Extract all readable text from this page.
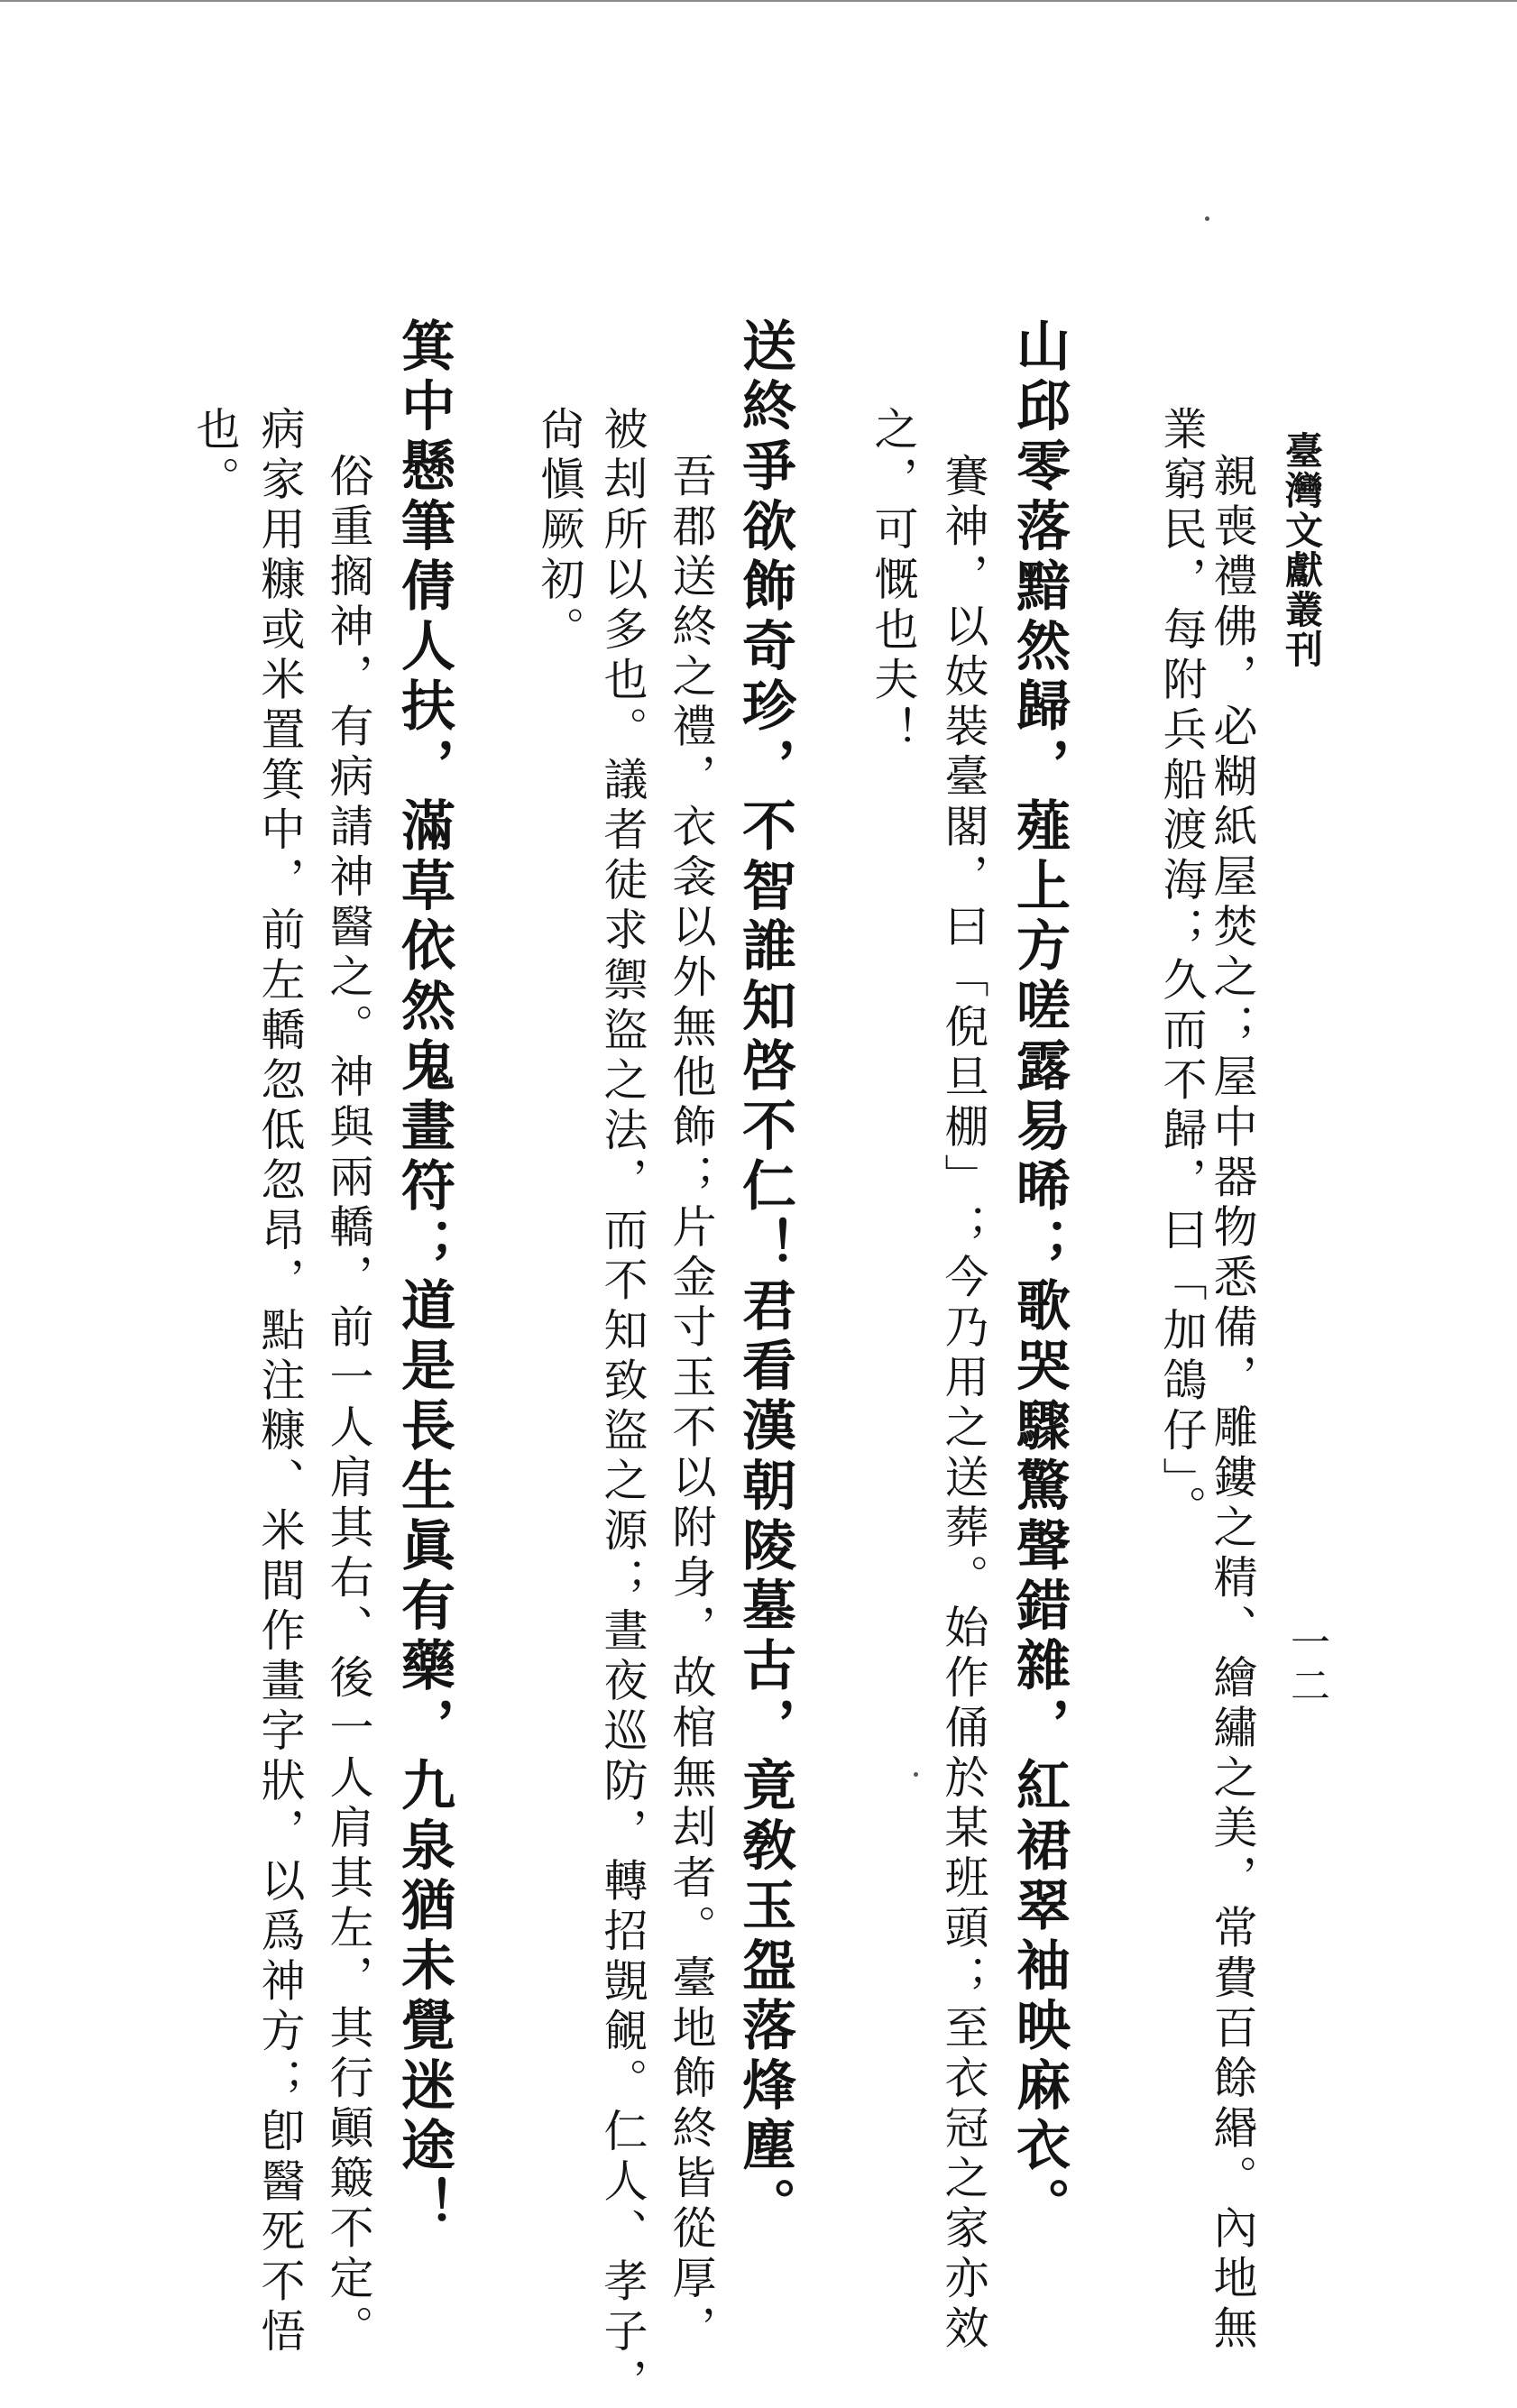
臺灣文獻叢刊
一二
親喪禮佛，必糊紙屋焚之；屋中器物悉備，雕鏤之精、繪繡之美，常費百餘緡。內地無
業窮民，每附兵船渡海；久而不歸，曰「加鴿仔」。
山邱零落黯然歸，薤上方嗟露易晞；歌哭驟驚聲錯雜，紅裙翠袖映麻衣。
賽神，以妓裝臺閣，曰「倪旦棚」；今乃用之送葬。始作俑於某班頭；至衣冠之家亦效
之，可慨也夫！
送終爭欲飾奇珍，不智誰知啓不仁！君看漢朝陵墓古，竟敎玉盌落烽塵。
吾郡送終之禮，衣衾以外無他飾；片金寸玉不以附身，故棺無刦者。臺地飾終皆從厚，
被刦所以多也。議者徒求禦盜之法，而不知致盜之源；晝夜巡防，轉招覬覦。仁人、孝子，
尙愼厥初。
箕中懸筆倩人扶，滿草依然鬼畫符；道是長生眞有藥，九泉猶未覺迷途！
俗重搁神，有病請神醫之。神與兩轎，前一人肩其右、後一人肩其左，其行顚簸不定。
病家用糠或米置箕中，前左轎忽低忽昂，點注糠、米間作畫字狀，以爲神方；卽醫死不悟
也。
